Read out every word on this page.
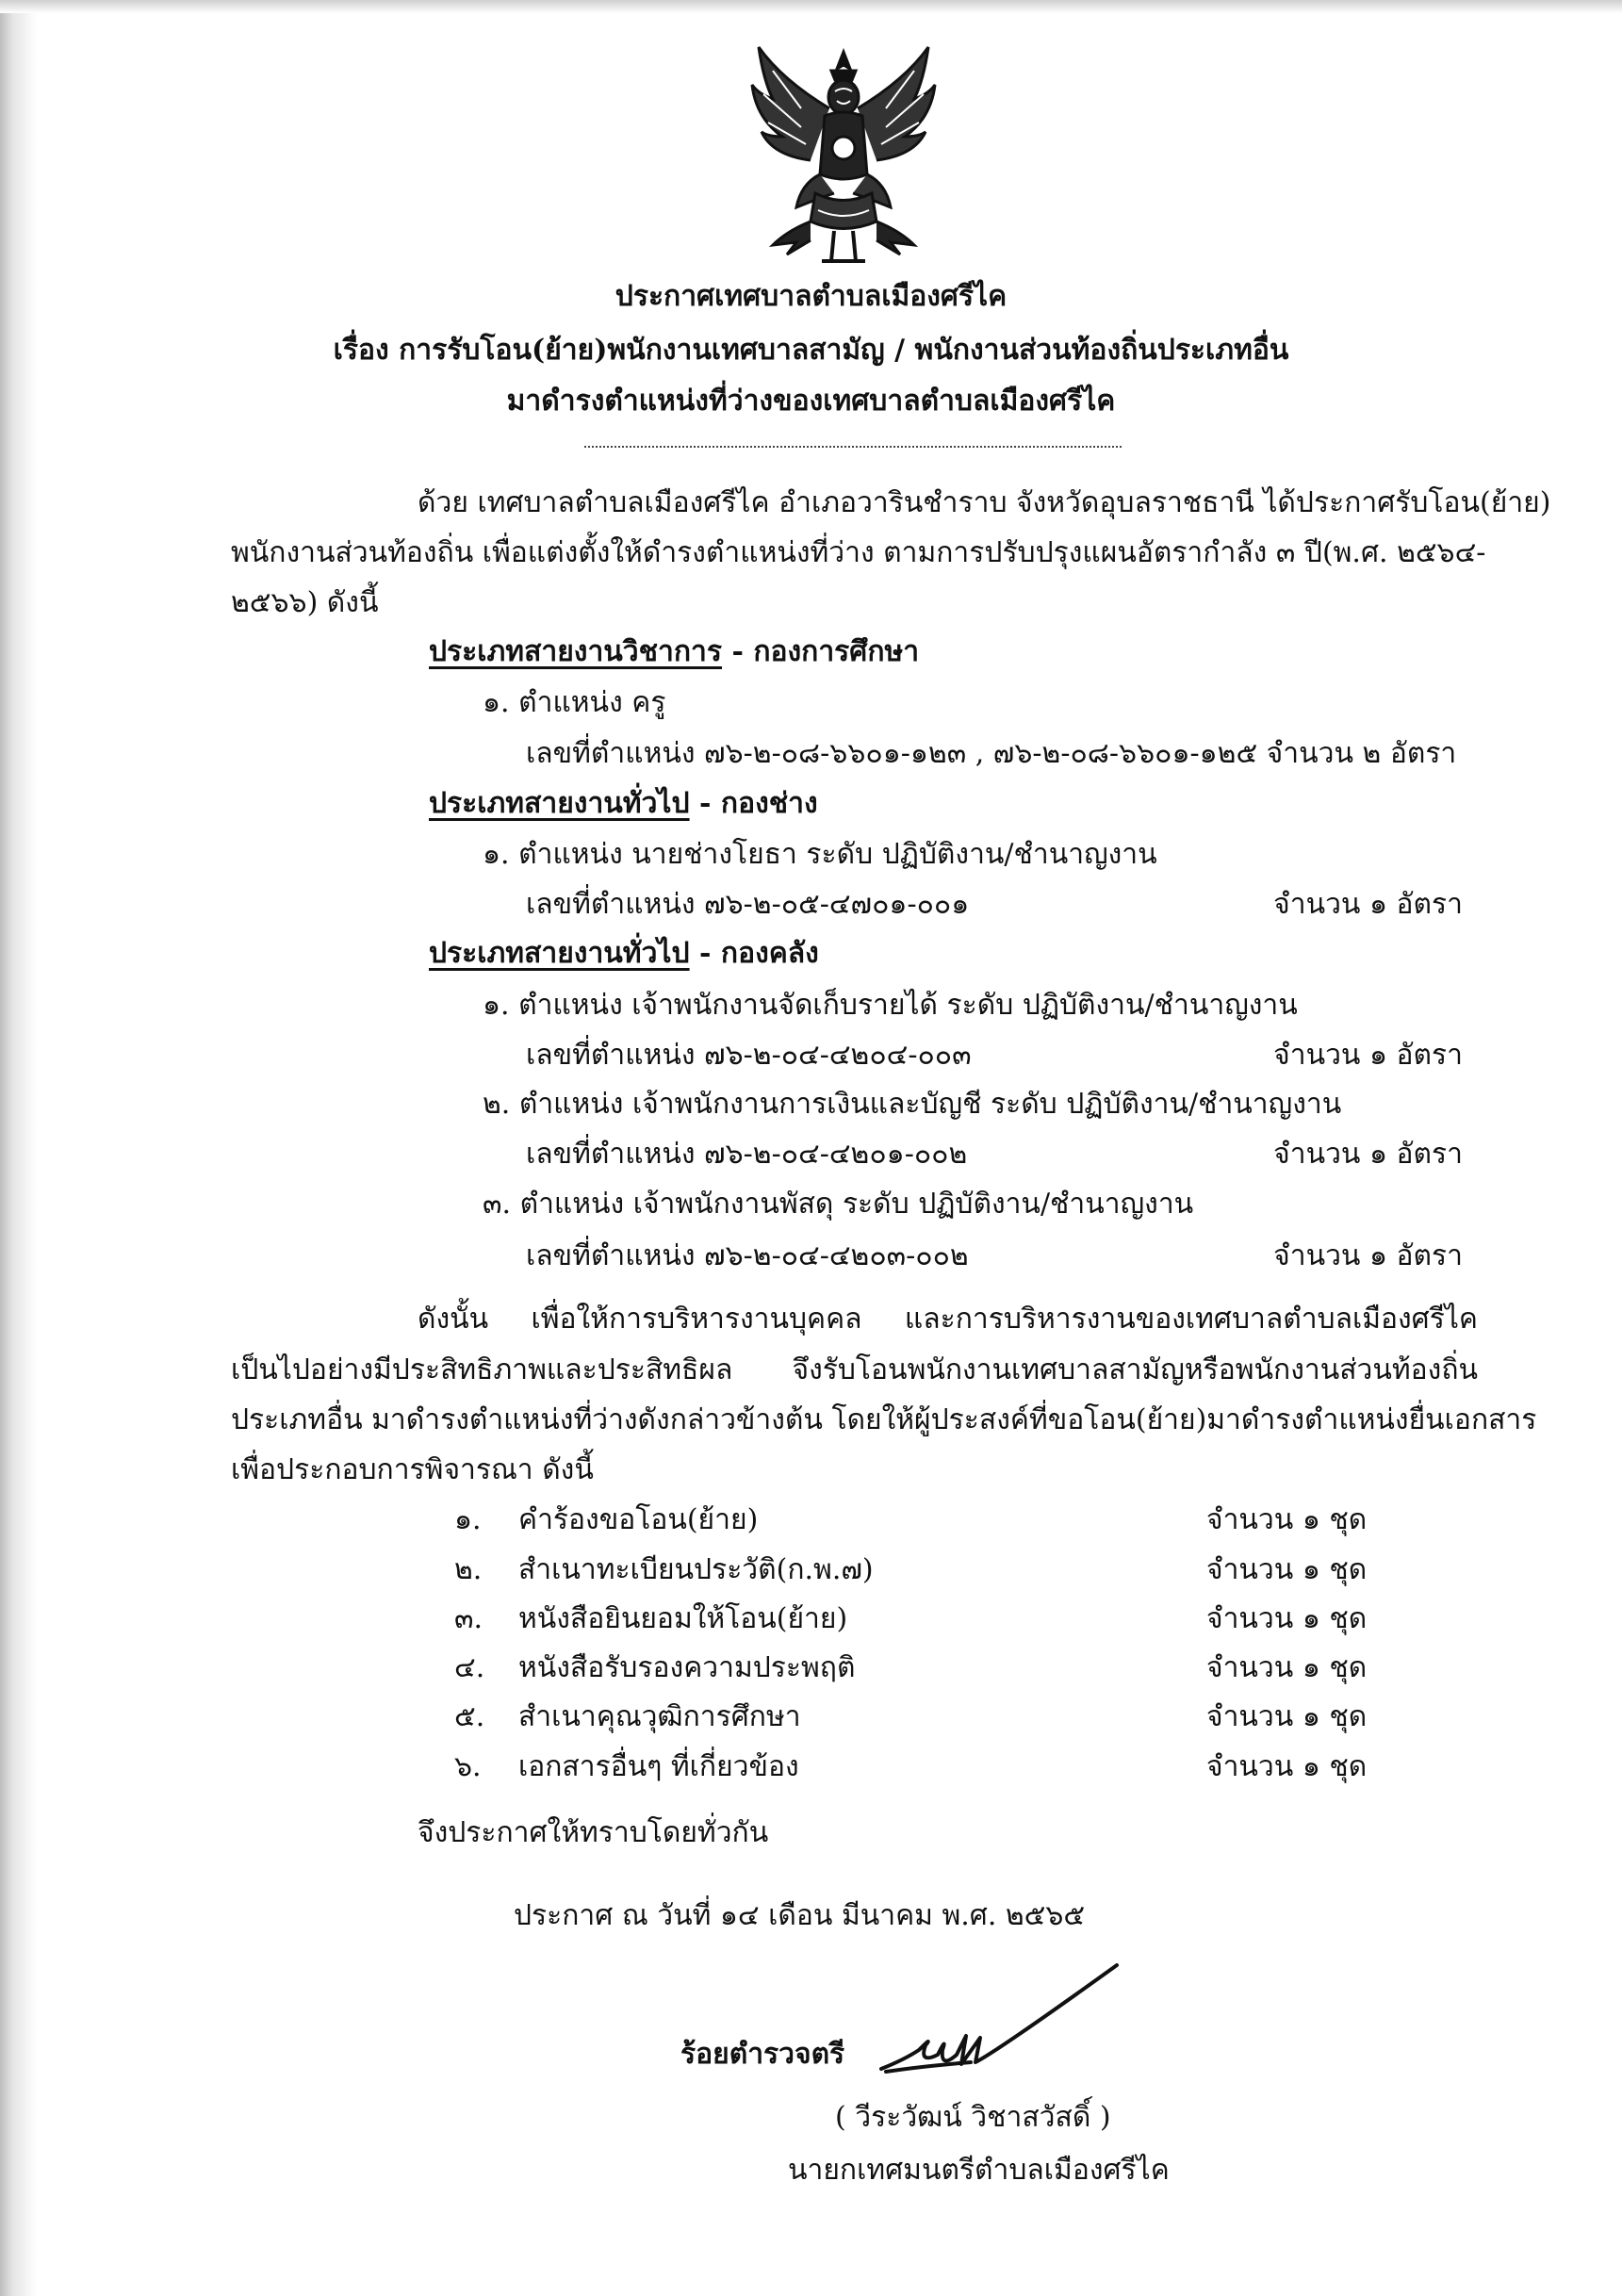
ประกาศเทศบาลตำบลเมืองศรีไค
เรื่อง การรับโอน(ย้าย)พนักงานเทศบาลสามัญ / พนักงานส่วนท้องถิ่นประเภทอื่น
มาดำรงตำแหน่งที่ว่างของเทศบาลตำบลเมืองศรีไค
ด้วย เทศบาลตำบลเมืองศรีไค อำเภอวารินชำราบ จังหวัดอุบลราชธานี ได้ประกาศรับโอน(ย้าย)
พนักงานส่วนท้องถิ่น เพื่อแต่งตั้งให้ดำรงตำแหน่งที่ว่าง ตามการปรับปรุงแผนอัตรากำลัง ๓ ปี(พ.ศ. ๒๕๖๔-
๒๕๖๖) ดังนี้
ประเภทสายงานวิชาการ - กองการศึกษา
๑. ตำแหน่ง ครู
เลขที่ตำแหน่ง ๗๖-๒-๐๘-๖๖๐๑-๑๒๓ , ๗๖-๒-๐๘-๖๖๐๑-๑๒๕ จำนวน ๒ อัตรา
ประเภทสายงานทั่วไป - กองช่าง
๑. ตำแหน่ง นายช่างโยธา ระดับ ปฏิบัติงาน/ชำนาญงาน
เลขที่ตำแหน่ง ๗๖-๒-๐๕-๔๗๐๑-๐๐๑	จำนวน ๑ อัตรา
ประเภทสายงานทั่วไป - กองคลัง
๑. ตำแหน่ง เจ้าพนักงานจัดเก็บรายได้ ระดับ ปฏิบัติงาน/ชำนาญงาน
เลขที่ตำแหน่ง ๗๖-๒-๐๔-๔๒๐๔-๐๐๓	จำนวน ๑ อัตรา
๒. ตำแหน่ง เจ้าพนักงานการเงินและบัญชี ระดับ ปฏิบัติงาน/ชำนาญงาน
เลขที่ตำแหน่ง ๗๖-๒-๐๔-๔๒๐๑-๐๐๒	จำนวน ๑ อัตรา
๓. ตำแหน่ง เจ้าพนักงานพัสดุ ระดับ ปฏิบัติงาน/ชำนาญงาน
เลขที่ตำแหน่ง ๗๖-๒-๐๔-๔๒๐๓-๐๐๒	จำนวน ๑ อัตรา
ดังนั้น เพื่อให้การบริหารงานบุคคล และการบริหารงานของเทศบาลตำบลเมืองศรีไค
เป็นไปอย่างมีประสิทธิภาพและประสิทธิผล จึงรับโอนพนักงานเทศบาลสามัญหรือพนักงานส่วนท้องถิ่น
ประเภทอื่น มาดำรงตำแหน่งที่ว่างดังกล่าวข้างต้น โดยให้ผู้ประสงค์ที่ขอโอน(ย้าย)มาดำรงตำแหน่งยื่นเอกสาร
เพื่อประกอบการพิจารณา ดังนี้
๑. คำร้องขอโอน(ย้าย)	จำนวน ๑ ชุด
๒. สำเนาทะเบียนประวัติ(ก.พ.๗)	จำนวน ๑ ชุด
๓. หนังสือยินยอมให้โอน(ย้าย)	จำนวน ๑ ชุด
๔. หนังสือรับรองความประพฤติ	จำนวน ๑ ชุด
๕. สำเนาคุณวุฒิการศึกษา	จำนวน ๑ ชุด
๖. เอกสารอื่นๆ ที่เกี่ยวข้อง	จำนวน ๑ ชุด
จึงประกาศให้ทราบโดยทั่วกัน
ประกาศ ณ วันที่ ๑๔ เดือน มีนาคม พ.ศ. ๒๕๖๕
ร้อยตำรวจตรี
( วีระวัฒน์ วิชาสวัสดิ์ )
นายกเทศมนตรีตำบลเมืองศรีไค
